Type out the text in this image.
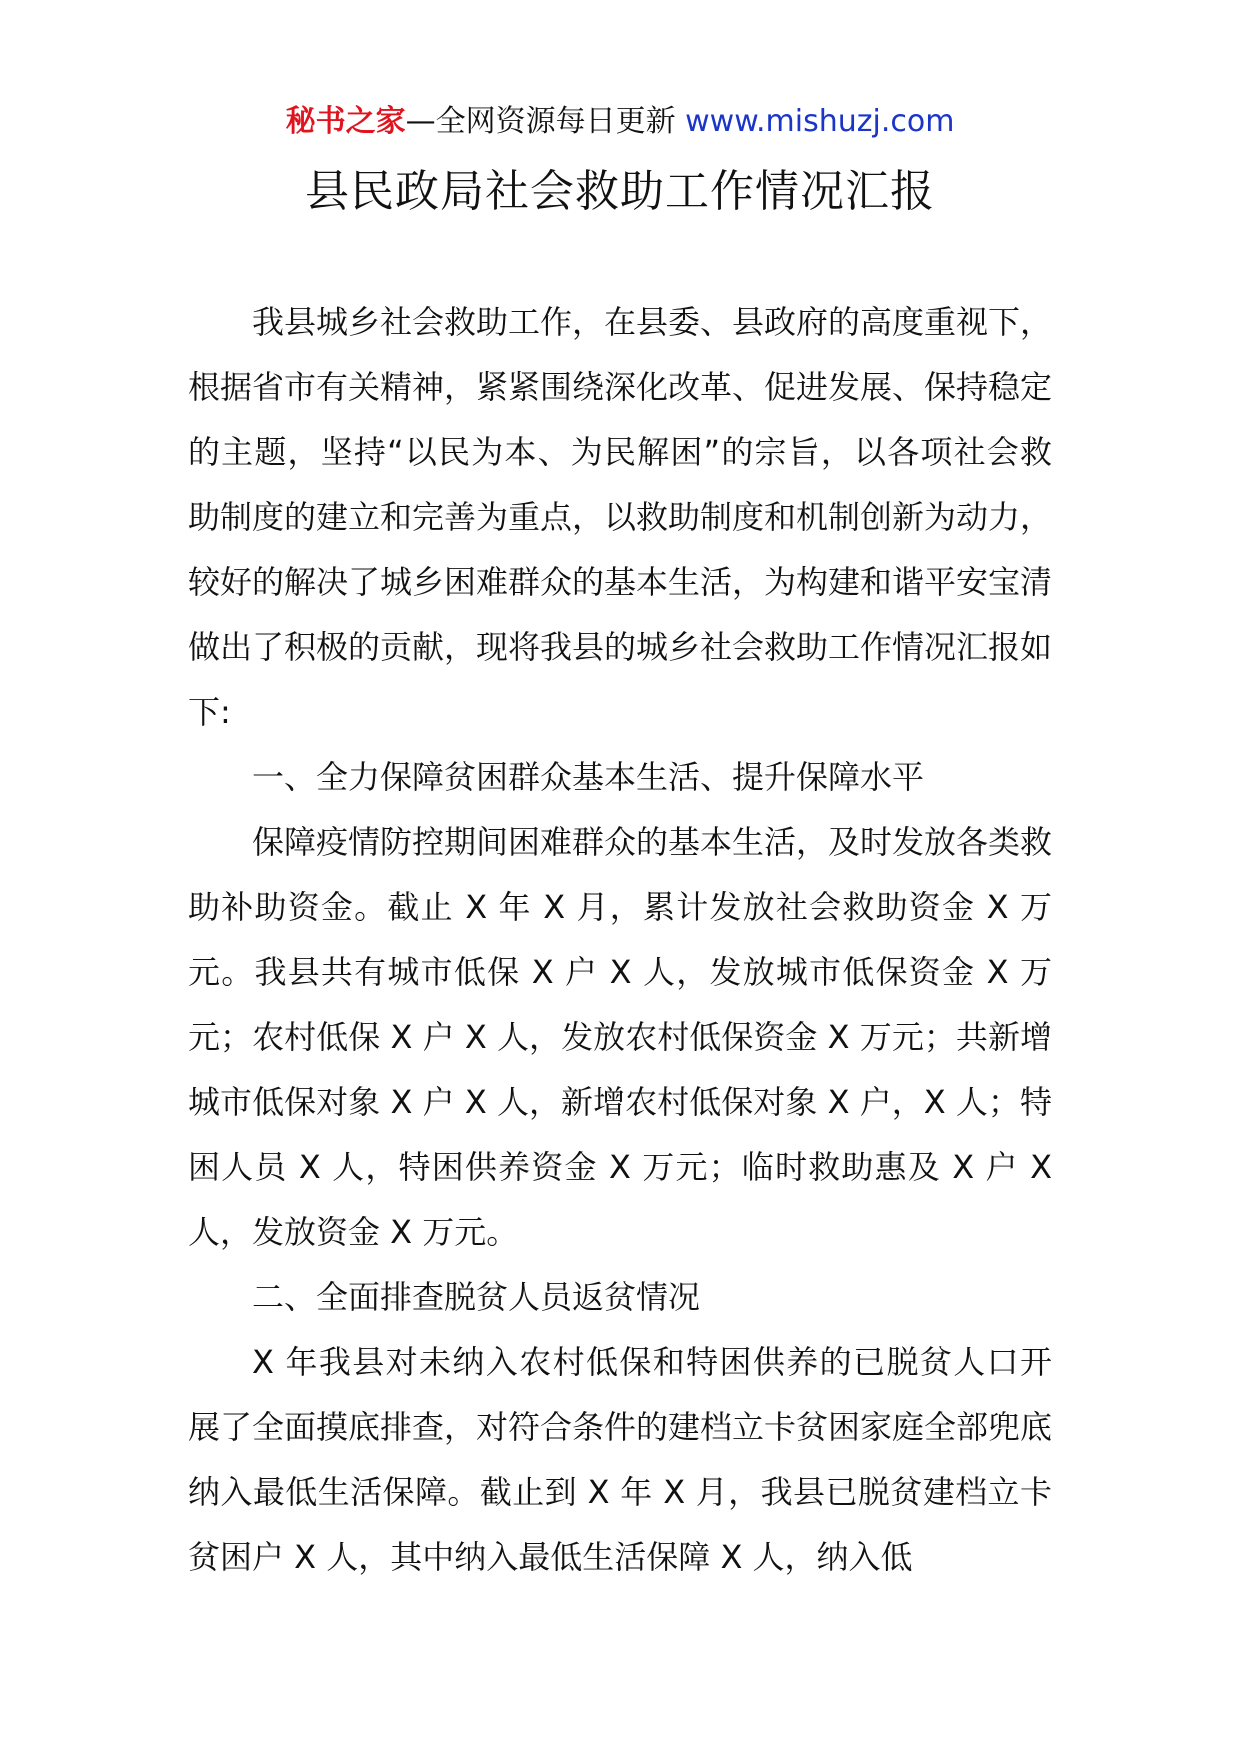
秘书之家—全网资源每日更新 www.mishuzj.com
县民政局社会救助工作情况汇报

我县城乡社会救助工作，在县委、县政府的高度重视下，根据省市有关精神，紧紧围绕深化改革、促进发展、保持稳定的主题，坚持“以民为本、为民解困”的宗旨，以各项社会救助制度的建立和完善为重点，以救助制度和机制创新为动力，较好的解决了城乡困难群众的基本生活，为构建和谐平安宝清做出了积极的贡献，现将我县的城乡社会救助工作情况汇报如下:

一、全力保障贫困群众基本生活、提升保障水平

保障疫情防控期间困难群众的基本生活，及时发放各类救助补助资金。截止 X 年 X 月，累计发放社会救助资金 X 万元。我县共有城市低保 X 户 X 人，发放城市低保资金 X 万元；农村低保 X 户 X 人，发放农村低保资金 X 万元；共新增城市低保对象 X 户 X 人，新增农村低保对象 X 户，X 人；特困人员 X 人，特困供养资金 X 万元；临时救助惠及 X 户 X 人，发放资金 X 万元。

二、全面排查脱贫人员返贫情况

X 年我县对未纳入农村低保和特困供养的已脱贫人口开展了全面摸底排查，对符合条件的建档立卡贫困家庭全部兜底纳入最低生活保障。截止到 X 年 X 月，我县已脱贫建档立卡贫困户 X 人，其中纳入最低生活保障 X 人，纳入低
